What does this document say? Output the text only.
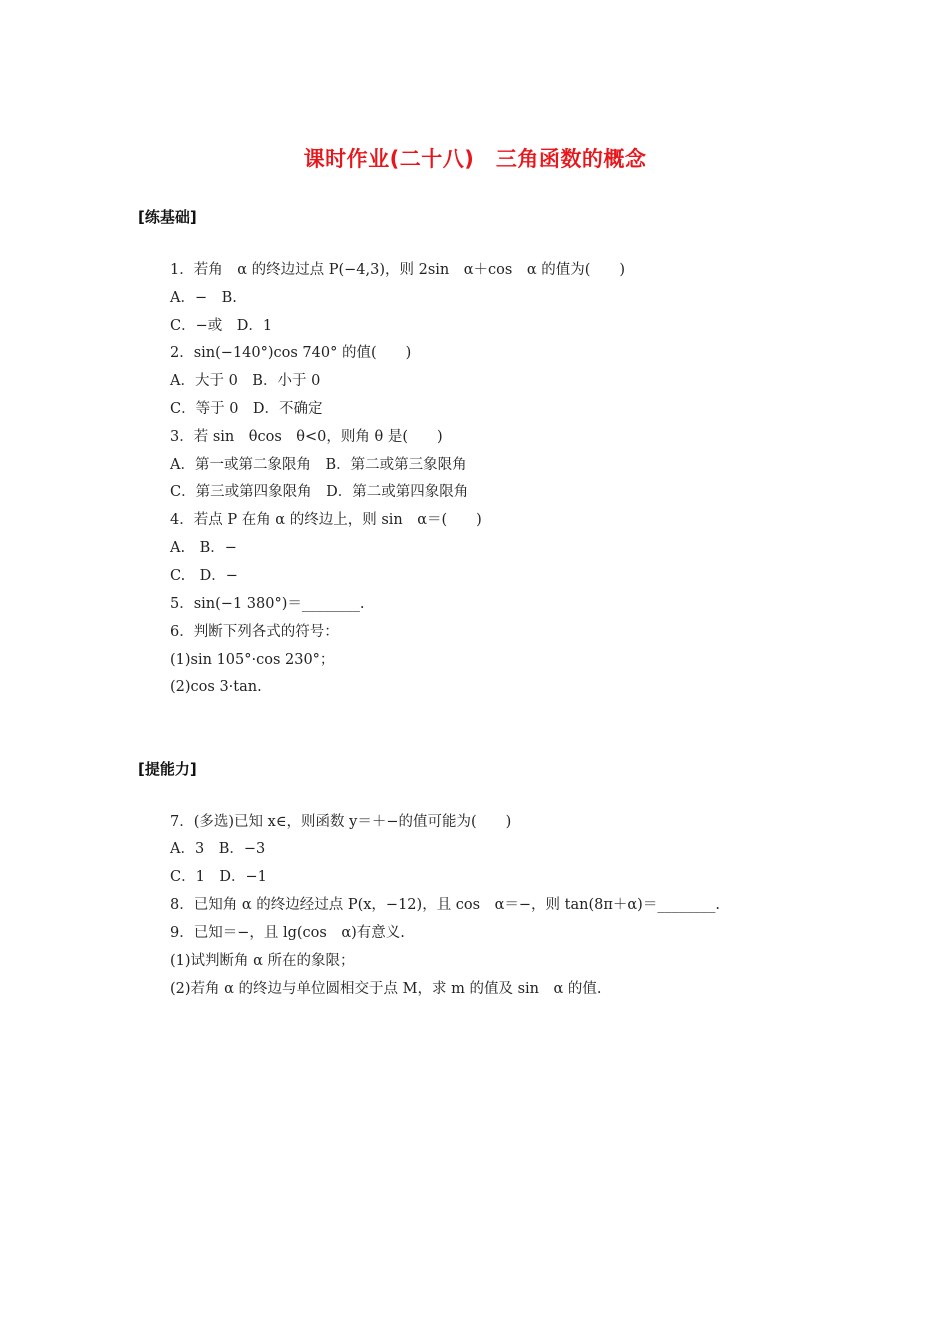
课时作业(二十八)　三角函数的概念
[练基础]
1．若角　α 的终边过点 P(−4,3)，则 2sin　α＋cos　α 的值为(　　)
A．−　B.
C．−或　D．1
2．sin(−140°)cos 740° 的值(　　)
A．大于 0　B．小于 0
C．等于 0　D．不确定
3．若 sin　θcos　θ<0，则角 θ 是(　　)
A．第一或第二象限角　B．第二或第三象限角
C．第三或第四象限角　D．第二或第四象限角
4．若点 P 在角 α 的终边上，则 sin　α＝(　　)
A.　B．−
C.　D．−
5．sin(−1 380°)＝________.
6．判断下列各式的符号：
(1)sin 105°·cos 230°；
(2)cos 3·tan.
[提能力]
7．(多选)已知 x∈，则函数 y＝＋−的值可能为(　　)
A．3　B．−3
C．1　D．−1
8．已知角 α 的终边经过点 P(x，−12)，且 cos　α＝−，则 tan(8π＋α)＝________.
9．已知＝−，且 lg(cos　α)有意义.
(1)试判断角 α 所在的象限；
(2)若角 α 的终边与单位圆相交于点 M，求 m 的值及 sin　α 的值.
